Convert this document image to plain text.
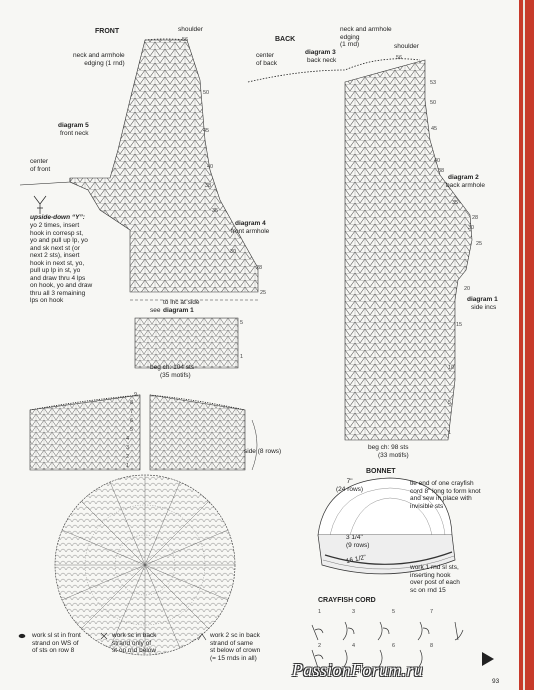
FRONT	shoulder
neck and armhole
edging (1 rnd)
diagram 5
front neck
center
of front
diagram 4
front armhole
to inc at side
see diagram 1
beg ch: 104 sts
(35 motifs)
56
50
45
40
38
35
30
28
25
5
1
BACK
neck and armhole
edging
(1 rnd)
center
of back
diagram 3
back neck
shoulder
diagram 2
back armhole
diagram 1
side incs
beg ch: 98 sts
(33 motifs)
56
53
50
45
40
38
35
30
28
25
20
15
10
5
1
upside-down “Y”:
yo 2 times, insert
hook in corresp st,
yo and pull up lp, yo
and sk next st (or
next 2 sts), insert
hook in next st, yo,
pull up lp in st, yo
and draw thru 4 lps
on hook, yo and draw
thru all 3 remaining
lps on hook
side (8 rows)
9
8
7
6
5
4
3
2
1
BONNET
7"
(24 rows)
tie end of one crayfish
cord 8" long to form knot
and sew in place with
invisible sts
3 1/4"
(9 rows)
16 1/2"
work 1 rnd sl sts,
inserting hook
over post of each
sc on rnd 15
CRAYFISH CORD
1	3	5	7
2	4	6	8
work sl st in front
strand on WS of
of sts on row 8
work sc in back
strand only of
st on rnd below
work 2 sc in back
strand of same
st below of crown
(= 15 rnds in all)
93
PassionForum.ru
